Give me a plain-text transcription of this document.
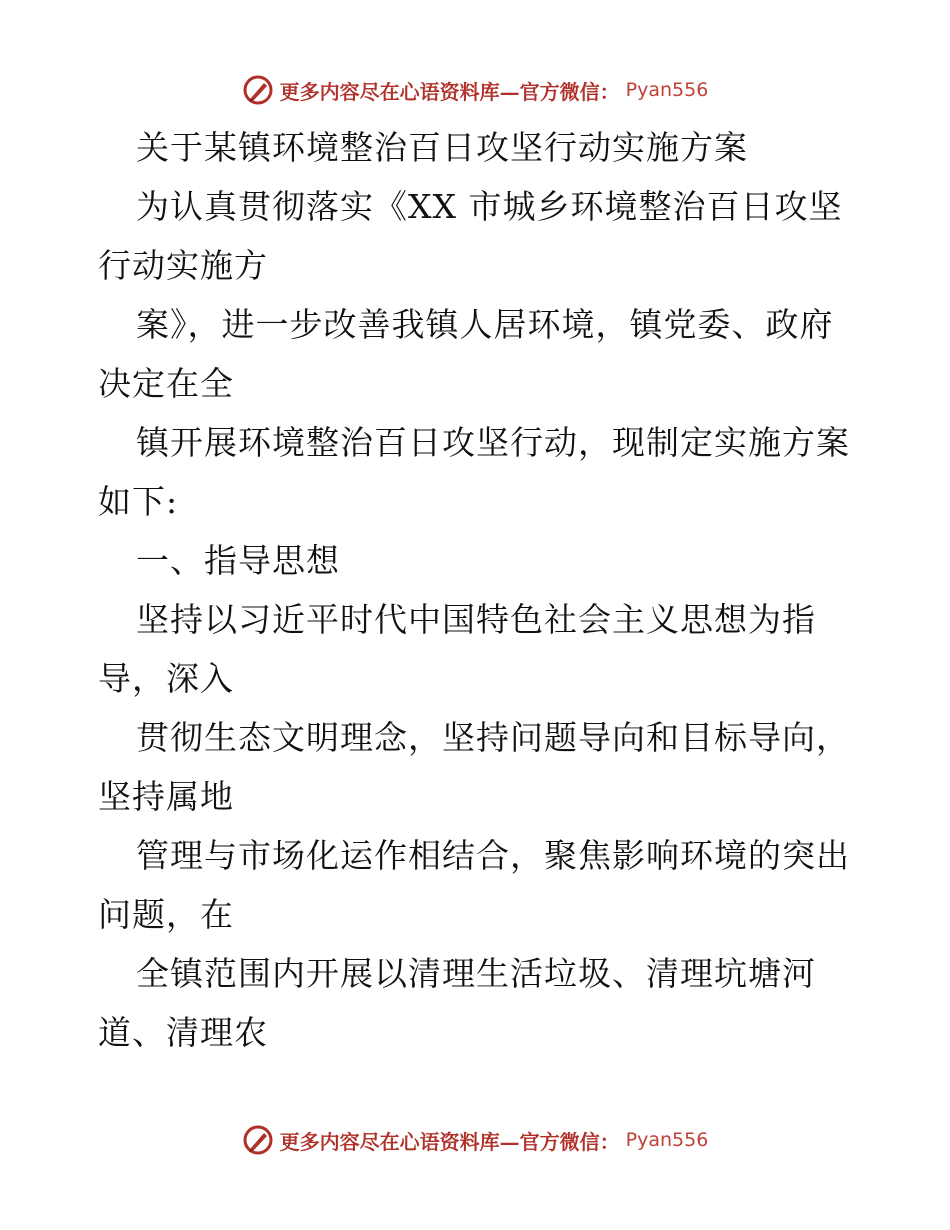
更多内容尽在心语资料库—官方微信： Pyan556
关于某镇环境整治百日攻坚行动实施方案
为认真贯彻落实《XX 市城乡环境整治百日攻坚
行动实施方
案》，进一步改善我镇人居环境，镇党委、政府
决定在全
镇开展环境整治百日攻坚行动，现制定实施方案
如下:
一、指导思想
坚持以习近平时代中国特色社会主义思想为指
导，深入
贯彻生态文明理念，坚持问题导向和目标导向，
坚持属地
管理与市场化运作相结合，聚焦影响环境的突出
问题，在
全镇范围内开展以清理生活垃圾、清理坑塘河
道、清理农
更多内容尽在心语资料库—官方微信： Pyan556
